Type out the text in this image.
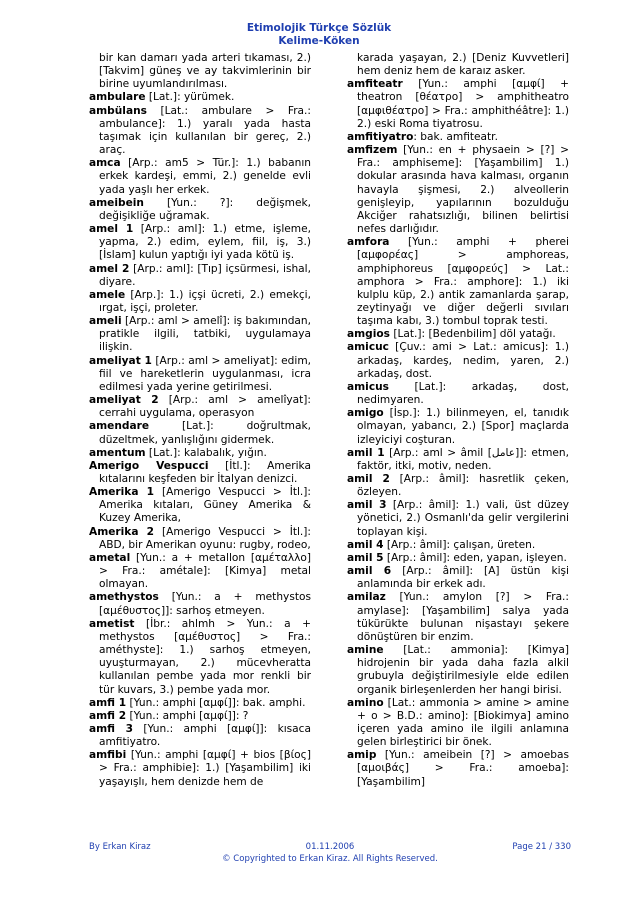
Etimolojik Türkçe Sözlük
Kelime-Köken

bir kan damarı yada arteri tıkaması, 2.) [Takvim] güneş ve ay takvimlerinin bir birine uyumlandırılması.

ambulare [Lat.]: yürümek.

ambülans [Lat.: ambulare > Fra.: ambulance]: 1.) yaralı yada hasta taşımak için kullanılan bir gereç, 2.) araç.

amca [Arp.: am5 > Tür.]: 1.) babanın erkek kardeşi, emmi, 2.) genelde evli yada yaşlı her erkek.

ameibein [Yun.: ?]: değişmek, değişikliğe uğramak.

amel 1 [Arp.: aml]: 1.) etme, işleme, yapma, 2.) edim, eylem, fiil, iş, 3.) [İslam] kulun yaptığı iyi yada kötü iş.

amel 2 [Arp.: aml]: [Tıp] içsürmesi, ishal, diyare.

amele [Arp.]: 1.) içşi ücreti, 2.) emekçi, ırgat, işçi, proleter.

ameli [Arp.: aml > amelî]: iş bakımından, pratikle ilgili, tatbiki, uygulamaya ilişkin.

ameliyat 1 [Arp.: aml > ameliyat]: edim, fiil ve hareketlerin uygulanması, icra edilmesi yada yerine getirilmesi.

ameliyat 2 [Arp.: aml > amelîyat]: cerrahi uygulama, operasyon

amendare [Lat.]: doğrultmak, düzeltmek, yanlışlığını gidermek.

amentum [Lat.]: kalabalık, yığın.

Amerigo Vespucci [İtl.]: Amerika kıtalarını keşfeden bir İtalyan denizci.

Amerika 1 [Amerigo Vespucci > İtl.]: Amerika kıtaları, Güney Amerika & Kuzey Amerika,

Amerika 2 [Amerigo Vespucci > İtl.]: ABD, bir Amerikan oyunu: rugby, rodeo,

ametal [Yun.: a + metallon [αμέταλλο] > Fra.: amétale]: [Kimya] metal olmayan.

amethystos [Yun.: a + methystos [αμέθυστος]]: sarhoş etmeyen.

ametist [İbr.: ahlmh > Yun.: a + methystos [αμέθυστος] > Fra.: améthyste]: 1.) sarhoş etmeyen, uyuşturmayan, 2.) mücevheratta kullanılan pembe yada mor renkli bir tür kuvars, 3.) pembe yada mor.

amfi 1 [Yun.: amphi [αμφί]]: bak. amphi.

amfi 2 [Yun.: amphi [αμφί]]: ?

amfi 3 [Yun.: amphi [αμφί]]: kısaca amfitiyatro.

amfibi [Yun.: amphi [αμφί] + bios [βίος] > Fra.: amphibie]: 1.) [Yaşambilim] iki yaşayışlı, hem denizde hem de

karada yaşayan, 2.) [Deniz Kuvvetleri] hem deniz hem de karaız asker.

amfiteatr [Yun.: amphi [αμφί] + theatron [θέατρο] > amphitheatro [αμφιθέατρο] > Fra.: amphithéâtre]: 1.) 2.) eski Roma tiyatrosu.

amfitiyatro: bak. amfiteatr.

amfizem [Yun.: en + physaein > [?] > Fra.: amphiseme]: [Yaşambilim] 1.) dokular arasında hava kalması, organın havayla şişmesi, 2.) alveollerin genişleyip, yapılarının bozulduğu Akciğer rahatsızlığı, bilinen belirtisi nefes darlığıdır.

amfora [Yun.: amphi + pherei [αμφορέας] > amphoreas, amphiphoreus [αμφορεύς] > Lat.: amphora > Fra.: amphore]: 1.) iki kulplu küp, 2.) antik zamanlarda şarap, zeytinyağı ve diğer değerli sıvıları taşıma kabı, 3.) tombul toprak testi.

amgios [Lat.]: [Bedenbilim] döl yatağı.

amicuc [Çuv.: ami > Lat.: amicus]: 1.) arkadaş, kardeş, nedim, yaren, 2.) arkadaş, dost.

amicus [Lat.]: arkadaş, dost, nedimyaren.

amigo [İsp.]: 1.) bilinmeyen, el, tanıdık olmayan, yabancı, 2.) [Spor] maçlarda izleyiciyi coşturan.

amil 1 [Arp.: aml > âmil [عامل]]: etmen, faktör, itki, motiv, neden.

amil 2 [Arp.: âmil]: hasretlik çeken, özleyen.

amil 3 [Arp.: âmil]: 1.) vali, üst düzey yönetici, 2.) Osmanlı'da gelir vergilerini toplayan kişi.

amil 4 [Arp.: âmil]: çalışan, üreten.

amil 5 [Arp.: âmil]: eden, yapan, işleyen.

amil 6 [Arp.: âmil]: [A] üstün kişi anlamında bir erkek adı.

amilaz [Yun.: amylon [?] > Fra.: amylase]: [Yaşambilim] salya yada tükürükte bulunan nişastayı şekere dönüştüren bir enzim.

amine [Lat.: ammonia]: [Kimya] hidrojenin bir yada daha fazla alkil grubuyla değiştirilmesiyle elde edilen organik birleşenlerden her hangi birisi.

amino [Lat.: ammonia > amine > amine + o > B.D.: amino]: [Biokimya] amino içeren yada amino ile ilgili anlamına gelen birleştirici bir önek.

amip [Yun.: ameibein [?] > amoebas [αμοιβάς] > Fra.: amoeba]: [Yaşambilim]

By Erkan Kiraz	01.11.2006	Page 21 / 330
© Copyrighted to Erkan Kiraz. All Rights Reserved.
